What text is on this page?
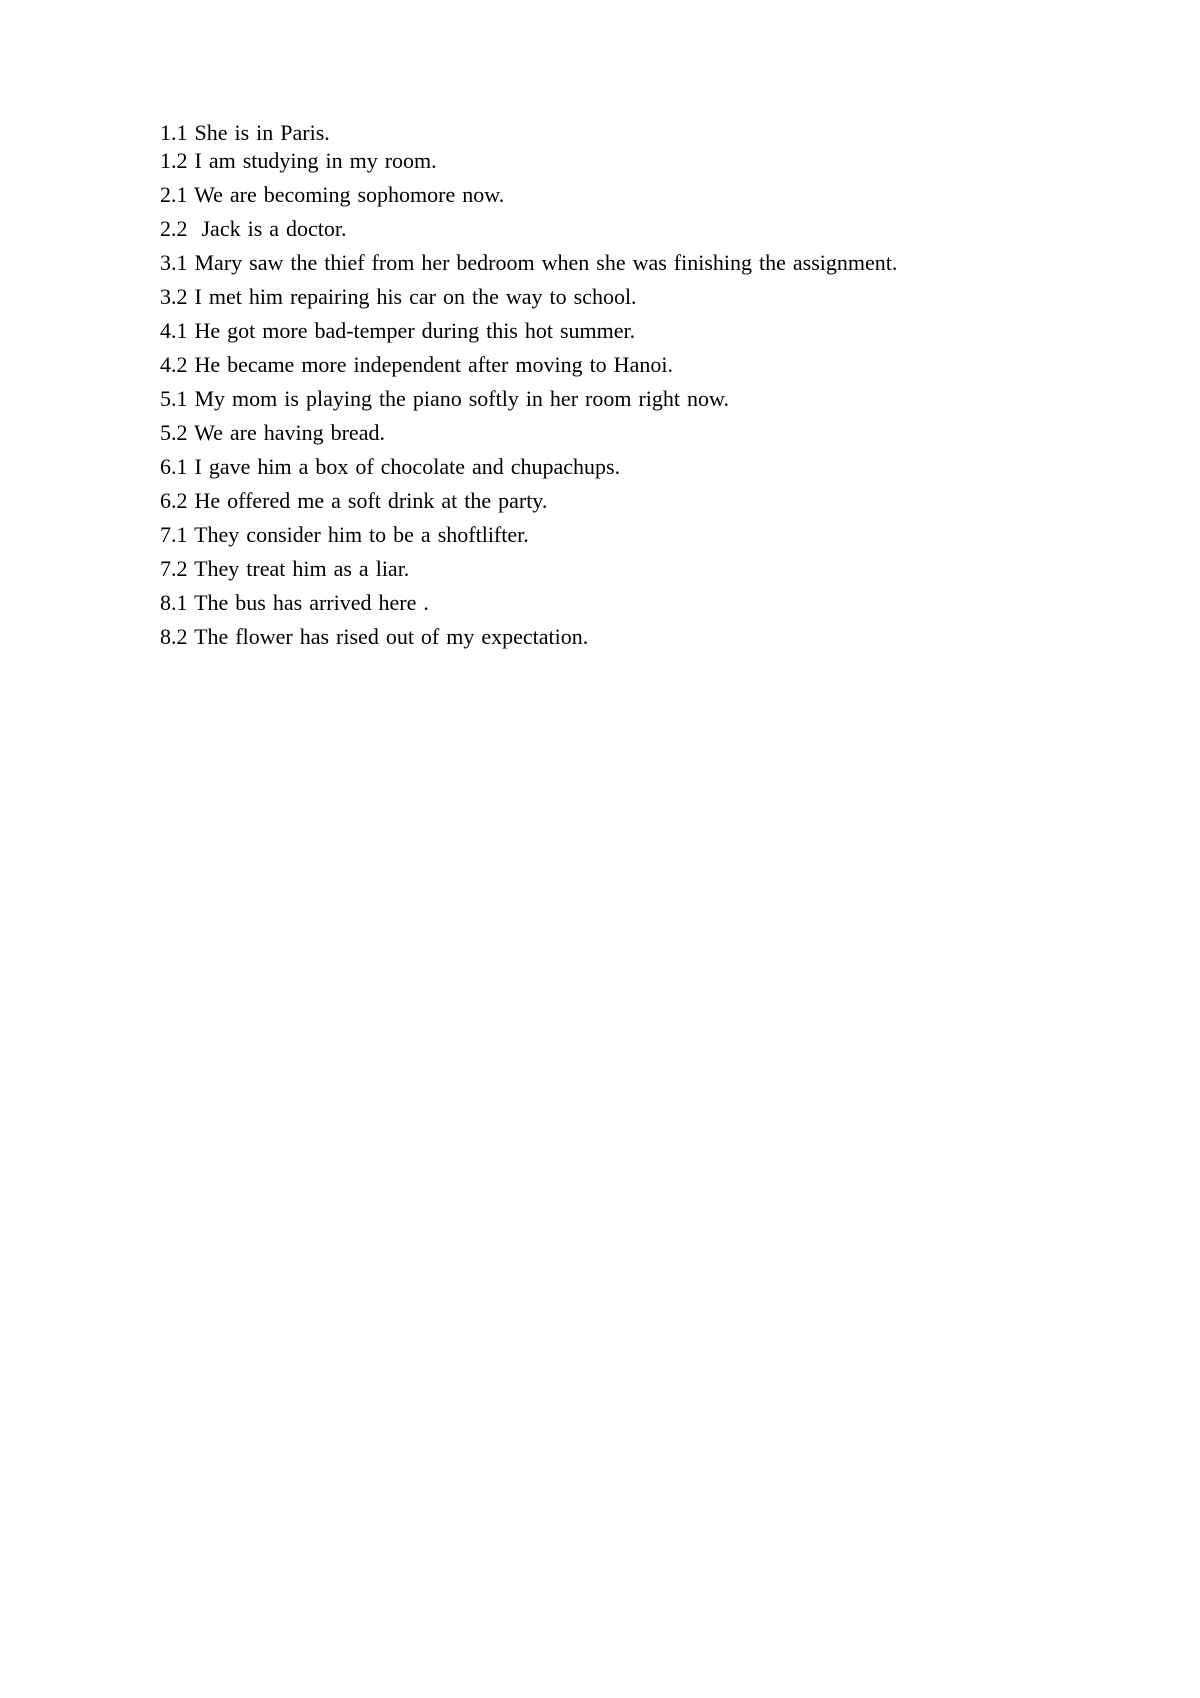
1.1 She is in Paris.

1.2 I am studying in my room.

2.1 We are becoming sophomore now.

2.2  Jack is a doctor.

3.1 Mary saw the thief from her bedroom when she was finishing the assignment.

3.2 I met him repairing his car on the way to school.

4.1 He got more bad-temper during this hot summer.

4.2 He became more independent after moving to Hanoi.

5.1 My mom is playing the piano softly in her room right now.

5.2 We are having bread.

6.1 I gave him a box of chocolate and chupachups.

6.2 He offered me a soft drink at the party.

7.1 They consider him to be a shoftlifter.

7.2 They treat him as a liar.

8.1 The bus has arrived here .

8.2 The flower has rised out of my expectation.
